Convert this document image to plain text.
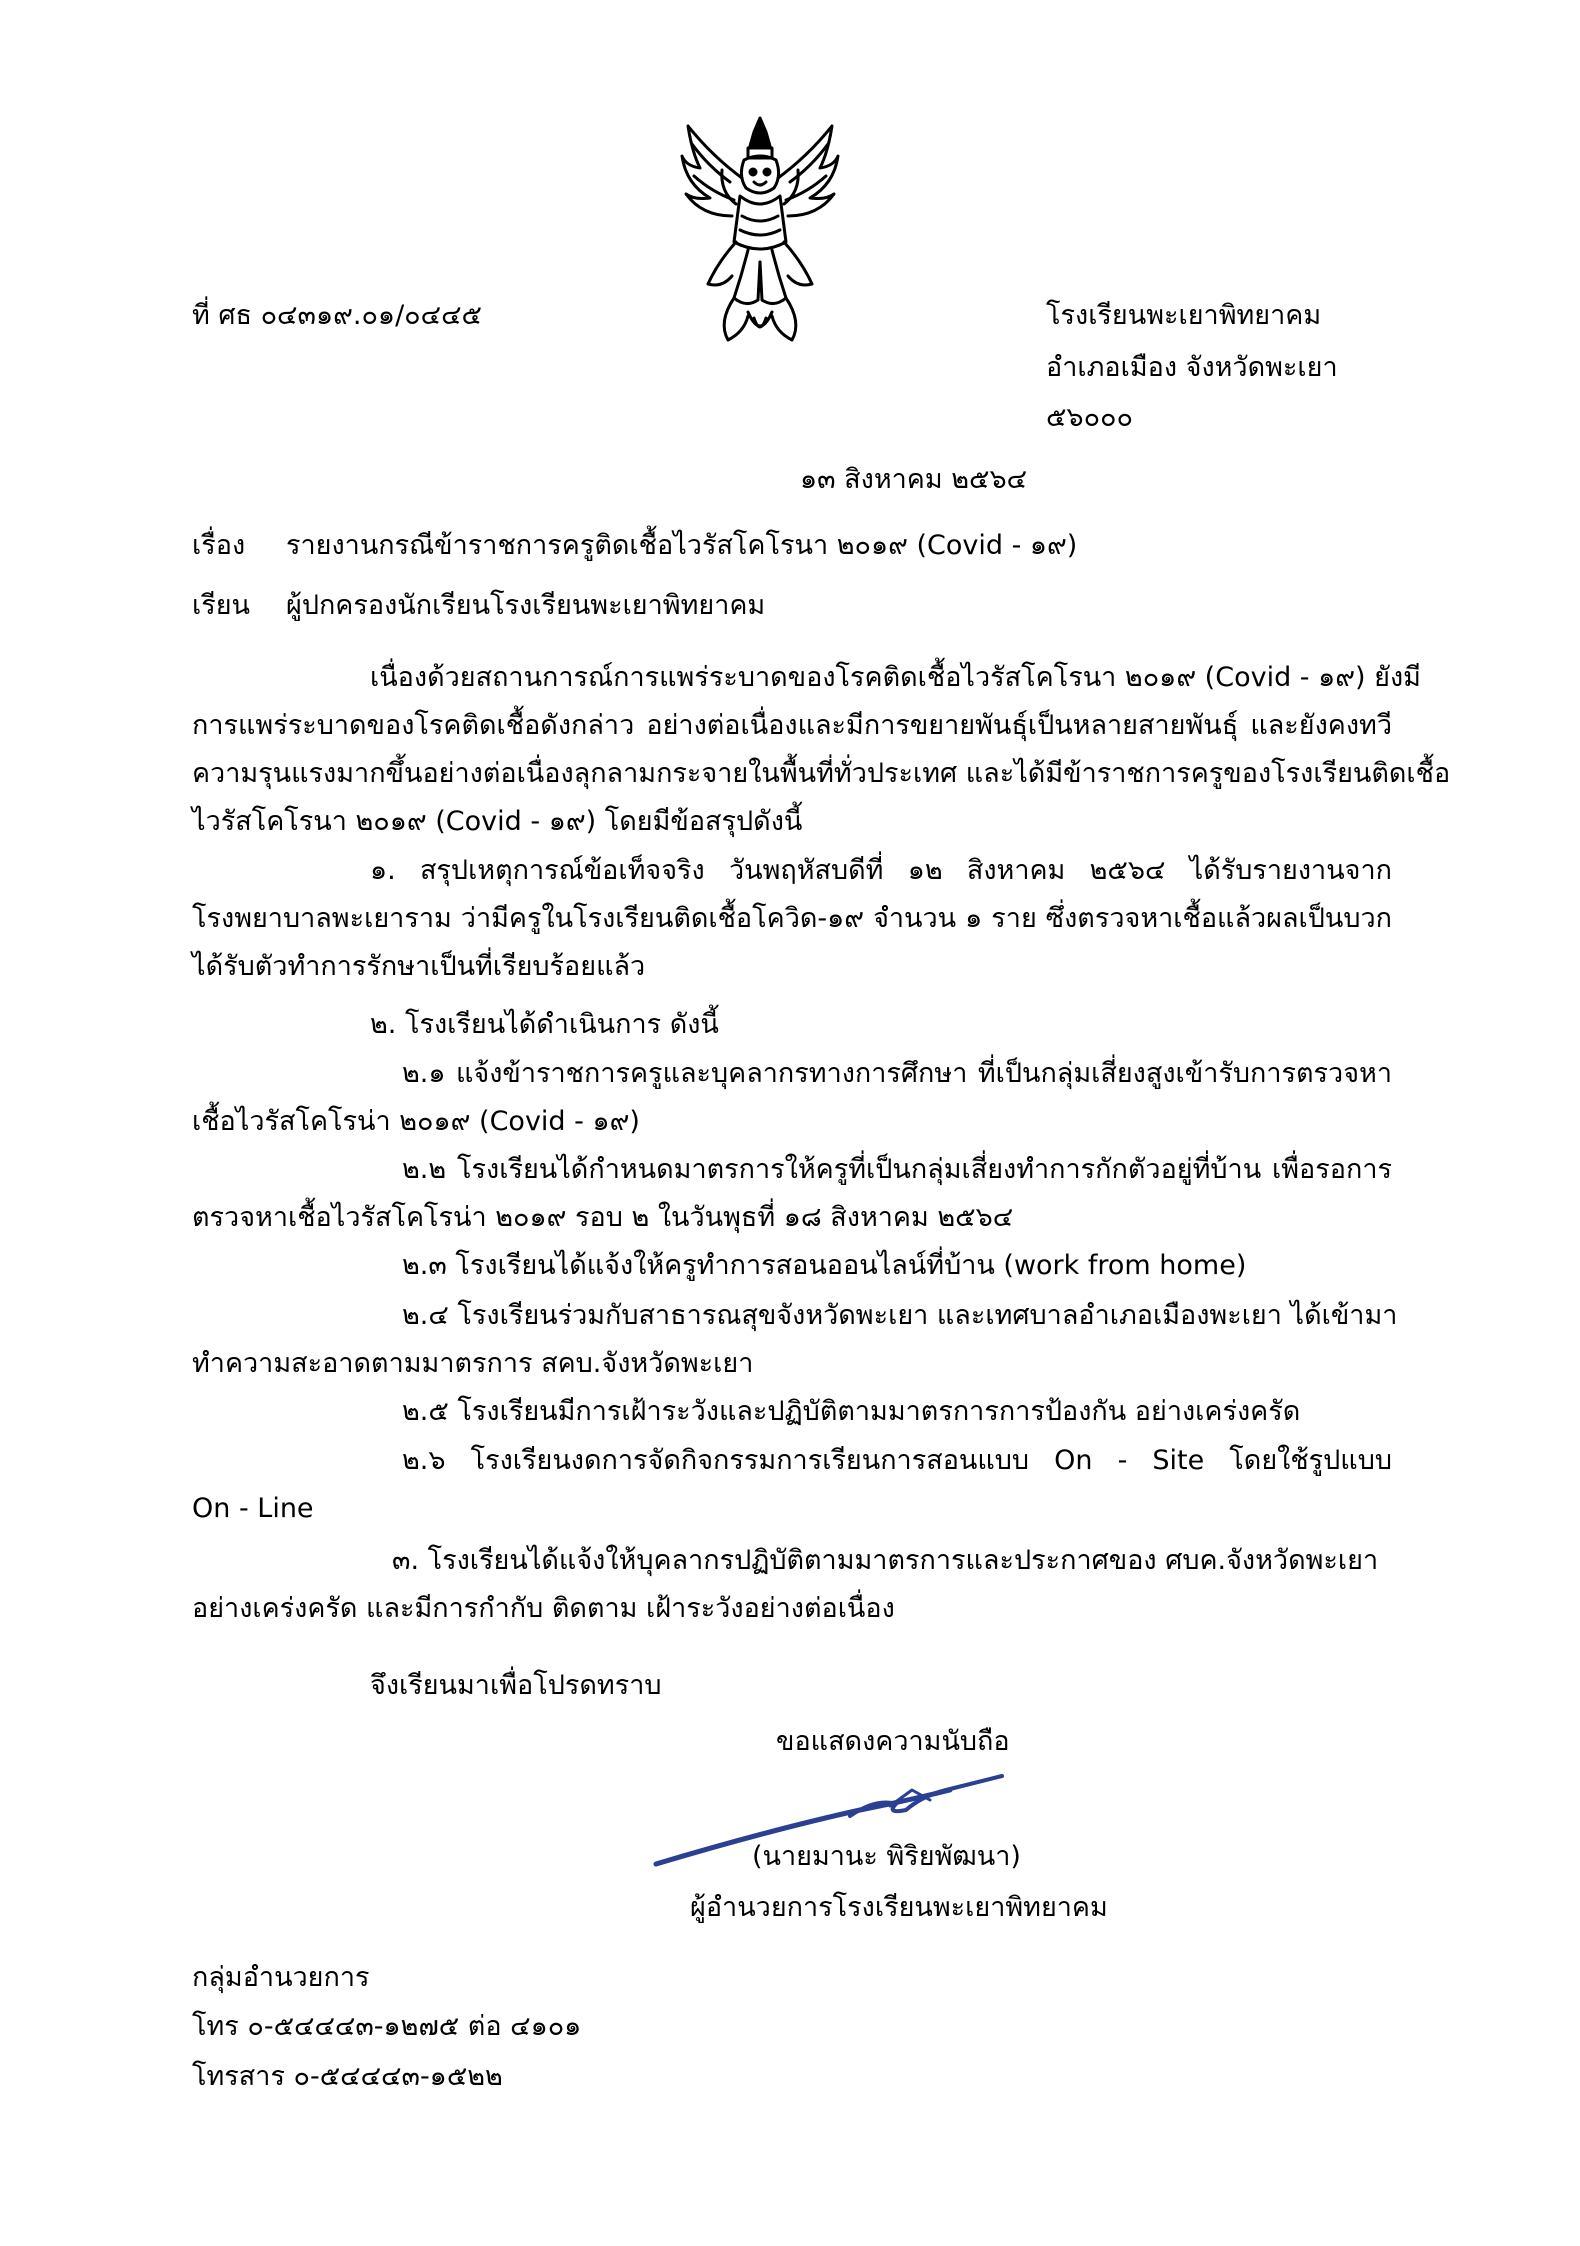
ที่ ศธ ๐๔๓๑๙.๐๑/๐๔๔๕	โรงเรียนพะเยาพิทยาคม
อำเภอเมือง จังหวัดพะเยา
๕๖๐๐๐
๑๓ สิงหาคม ๒๕๖๔
เรื่อง รายงานกรณีข้าราชการครูติดเชื้อไวรัสโคโรนา ๒๐๑๙ (Covid - ๑๙)
เรียน ผู้ปกครองนักเรียนโรงเรียนพะเยาพิทยาคม
เนื่องด้วยสถานการณ์การแพร่ระบาดของโรคติดเชื้อไวรัสโคโรนา ๒๐๑๙ (Covid - ๑๙) ยังมี
การแพร่ระบาดของโรคติดเชื้อดังกล่าว อย่างต่อเนื่องและมีการขยายพันธุ์เป็นหลายสายพันธุ์ และยังคงทวี
ความรุนแรงมากขึ้นอย่างต่อเนื่องลุกลามกระจายในพื้นที่ทั่วประเทศ และได้มีข้าราชการครูของโรงเรียนติดเชื้อ
ไวรัสโคโรนา ๒๐๑๙ (Covid - ๑๙) โดยมีข้อสรุปดังนี้
๑. สรุปเหตุการณ์ข้อเท็จจริง วันพฤหัสบดีที่ ๑๒ สิงหาคม ๒๕๖๔ ได้รับรายงานจาก
โรงพยาบาลพะเยาราม ว่ามีครูในโรงเรียนติดเชื้อโควิด-๑๙ จำนวน ๑ ราย ซึ่งตรวจหาเชื้อแล้วผลเป็นบวก
ได้รับตัวทำการรักษาเป็นที่เรียบร้อยแล้ว
๒. โรงเรียนได้ดำเนินการ ดังนี้
๒.๑ แจ้งข้าราชการครูและบุคลากรทางการศึกษา ที่เป็นกลุ่มเสี่ยงสูงเข้ารับการตรวจหา
เชื้อไวรัสโคโรน่า ๒๐๑๙ (Covid - ๑๙)
๒.๒ โรงเรียนได้กำหนดมาตรการให้ครูที่เป็นกลุ่มเสี่ยงทำการกักตัวอยู่ที่บ้าน เพื่อรอการ
ตรวจหาเชื้อไวรัสโคโรน่า ๒๐๑๙ รอบ ๒ ในวันพุธที่ ๑๘ สิงหาคม ๒๕๖๔
๒.๓ โรงเรียนได้แจ้งให้ครูทำการสอนออนไลน์ที่บ้าน (work from home)
๒.๔ โรงเรียนร่วมกับสาธารณสุขจังหวัดพะเยา และเทศบาลอำเภอเมืองพะเยา ได้เข้ามา
ทำความสะอาดตามมาตรการ สคบ.จังหวัดพะเยา
๒.๕ โรงเรียนมีการเฝ้าระวังและปฏิบัติตามมาตรการการป้องกัน อย่างเคร่งครัด
๒.๖ โรงเรียนงดการจัดกิจกรรมการเรียนการสอนแบบ On - Site โดยใช้รูปแบบ
On - Line
๓. โรงเรียนได้แจ้งให้บุคลากรปฏิบัติตามมาตรการและประกาศของ ศบค.จังหวัดพะเยา
อย่างเคร่งครัด และมีการกำกับ ติดตาม เฝ้าระวังอย่างต่อเนื่อง
จึงเรียนมาเพื่อโปรดทราบ
ขอแสดงความนับถือ
(นายมานะ พิริยพัฒนา)
ผู้อำนวยการโรงเรียนพะเยาพิทยาคม
กลุ่มอำนวยการ
โทร ๐-๕๔๔๔๓-๑๒๗๕ ต่อ ๔๑๐๑
โทรสาร ๐-๕๔๔๔๓-๑๕๒๒
